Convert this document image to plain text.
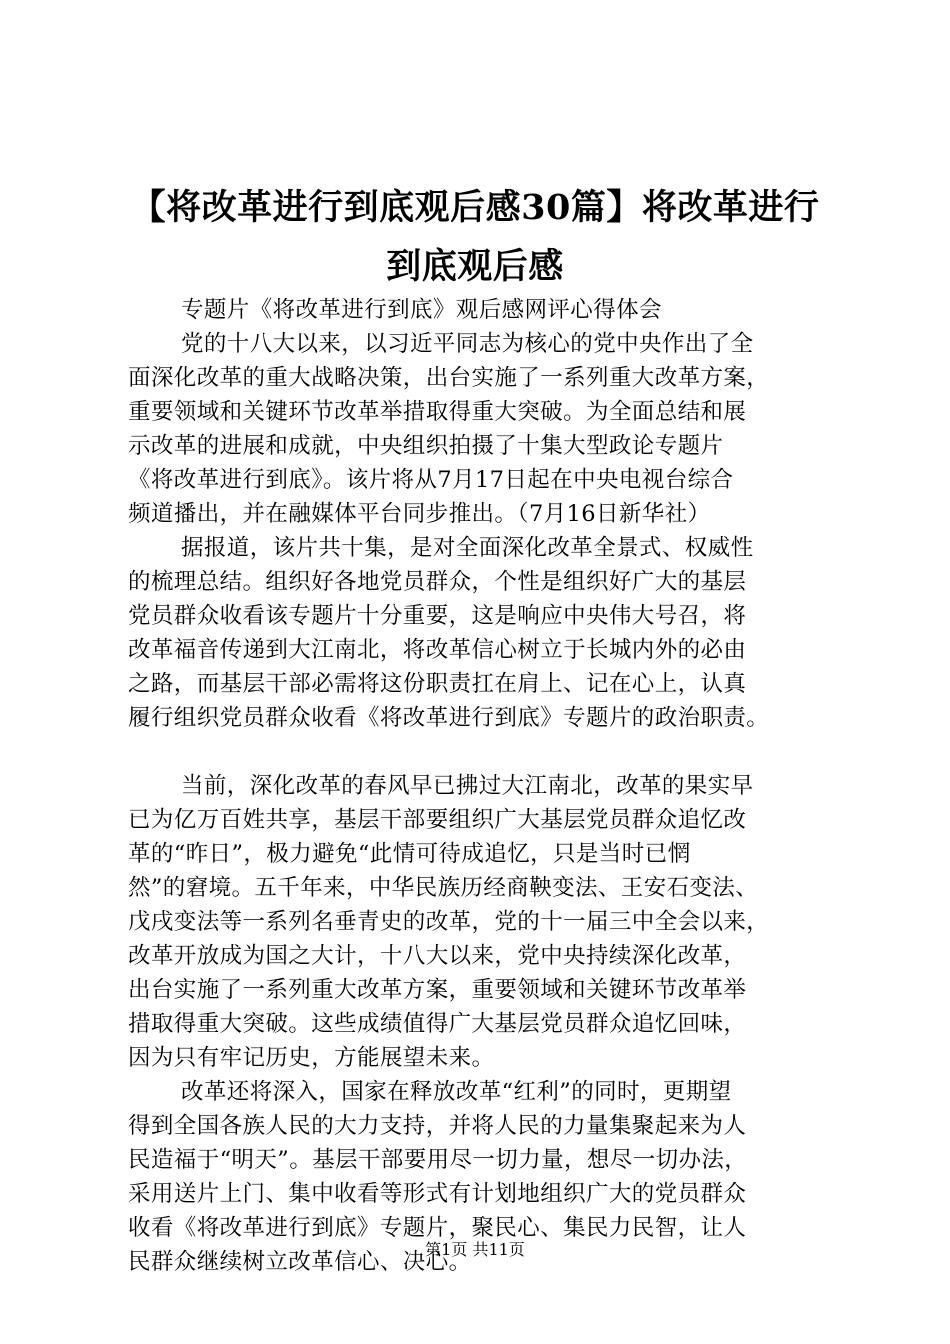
【将改革进行到底观后感30篇】将改革进行
到底观后感

专题片《将改革进行到底》观后感网评心得体会

党的十八大以来，以习近平同志为核心的党中央作出了全

面深化改革的重大战略决策，出台实施了一系列重大改革方案，

重要领域和关键环节改革举措取得重大突破。为全面总结和展

示改革的进展和成就，中央组织拍摄了十集大型政论专题片

《将改革进行到底》。该片将从7月17日起在中央电视台综合

频道播出，并在融媒体平台同步推出。（7月16日新华社）

据报道，该片共十集，是对全面深化改革全景式、权威性

的梳理总结。组织好各地党员群众，个性是组织好广大的基层

党员群众收看该专题片十分重要，这是响应中央伟大号召，将

改革福音传递到大江南北，将改革信心树立于长城内外的必由

之路，而基层干部必需将这份职责扛在肩上、记在心上，认真

履行组织党员群众收看《将改革进行到底》专题片的政治职责。

当前，深化改革的春风早已拂过大江南北，改革的果实早

已为亿万百姓共享，基层干部要组织广大基层党员群众追忆改

革的“昨日”，极力避免“此情可待成追忆，只是当时已惘

然”的窘境。五千年来，中华民族历经商鞅变法、王安石变法、

戊戌变法等一系列名垂青史的改革，党的十一届三中全会以来，

改革开放成为国之大计，十八大以来，党中央持续深化改革，

出台实施了一系列重大改革方案，重要领域和关键环节改革举

措取得重大突破。这些成绩值得广大基层党员群众追忆回味，

因为只有牢记历史，方能展望未来。

改革还将深入，国家在释放改革“红利”的同时，更期望

得到全国各族人民的大力支持，并将人民的力量集聚起来为人

民造福于“明天”。基层干部要用尽一切力量，想尽一切办法，

采用送片上门、集中收看等形式有计划地组织广大的党员群众

收看《将改革进行到底》专题片，聚民心、集民力民智，让人

民群众继续树立改革信心、决心。

第1页 共11页
